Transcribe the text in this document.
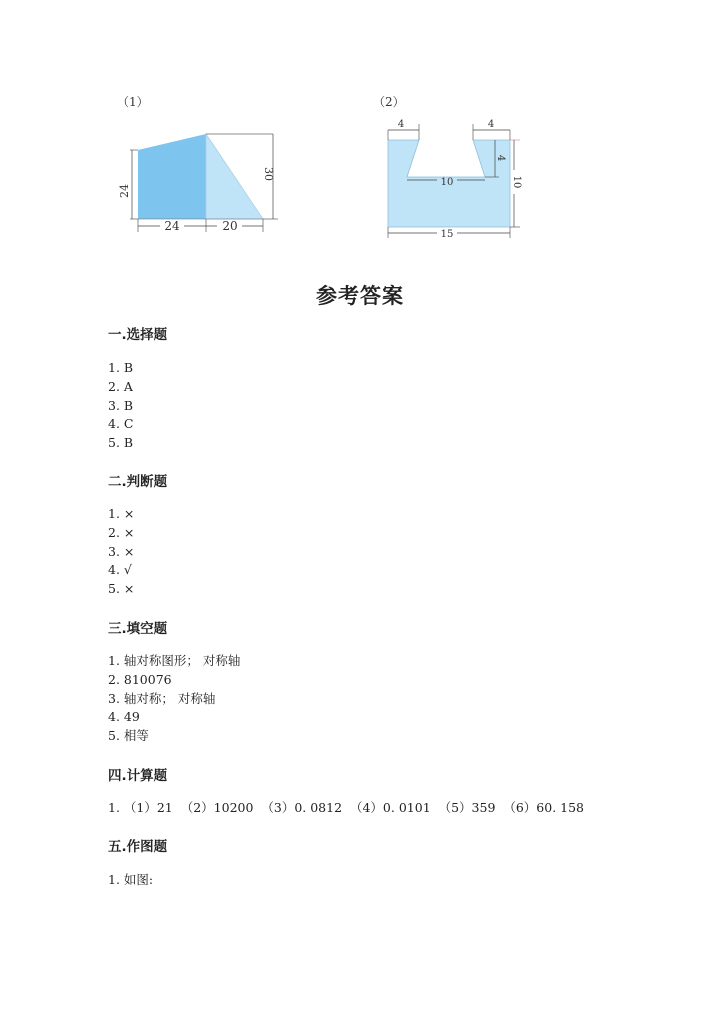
（1）
24
30
24	20
（2）
4	4
4
10	10
15
参考答案
一.选择题
1. B
2. A
3. B
4. C
5. B
二.判断题
1. ×
2. ×
3. ×
4. √
5. ×
三.填空题
1. 轴对称图形； 对称轴
2. 810076
3. 轴对称； 对称轴
4. 49
5. 相等
四.计算题
1. （1）21  （2）10200  （3）0. 0812  （4）0. 0101  （5）359  （6）60. 158
五.作图题
1. 如图:
